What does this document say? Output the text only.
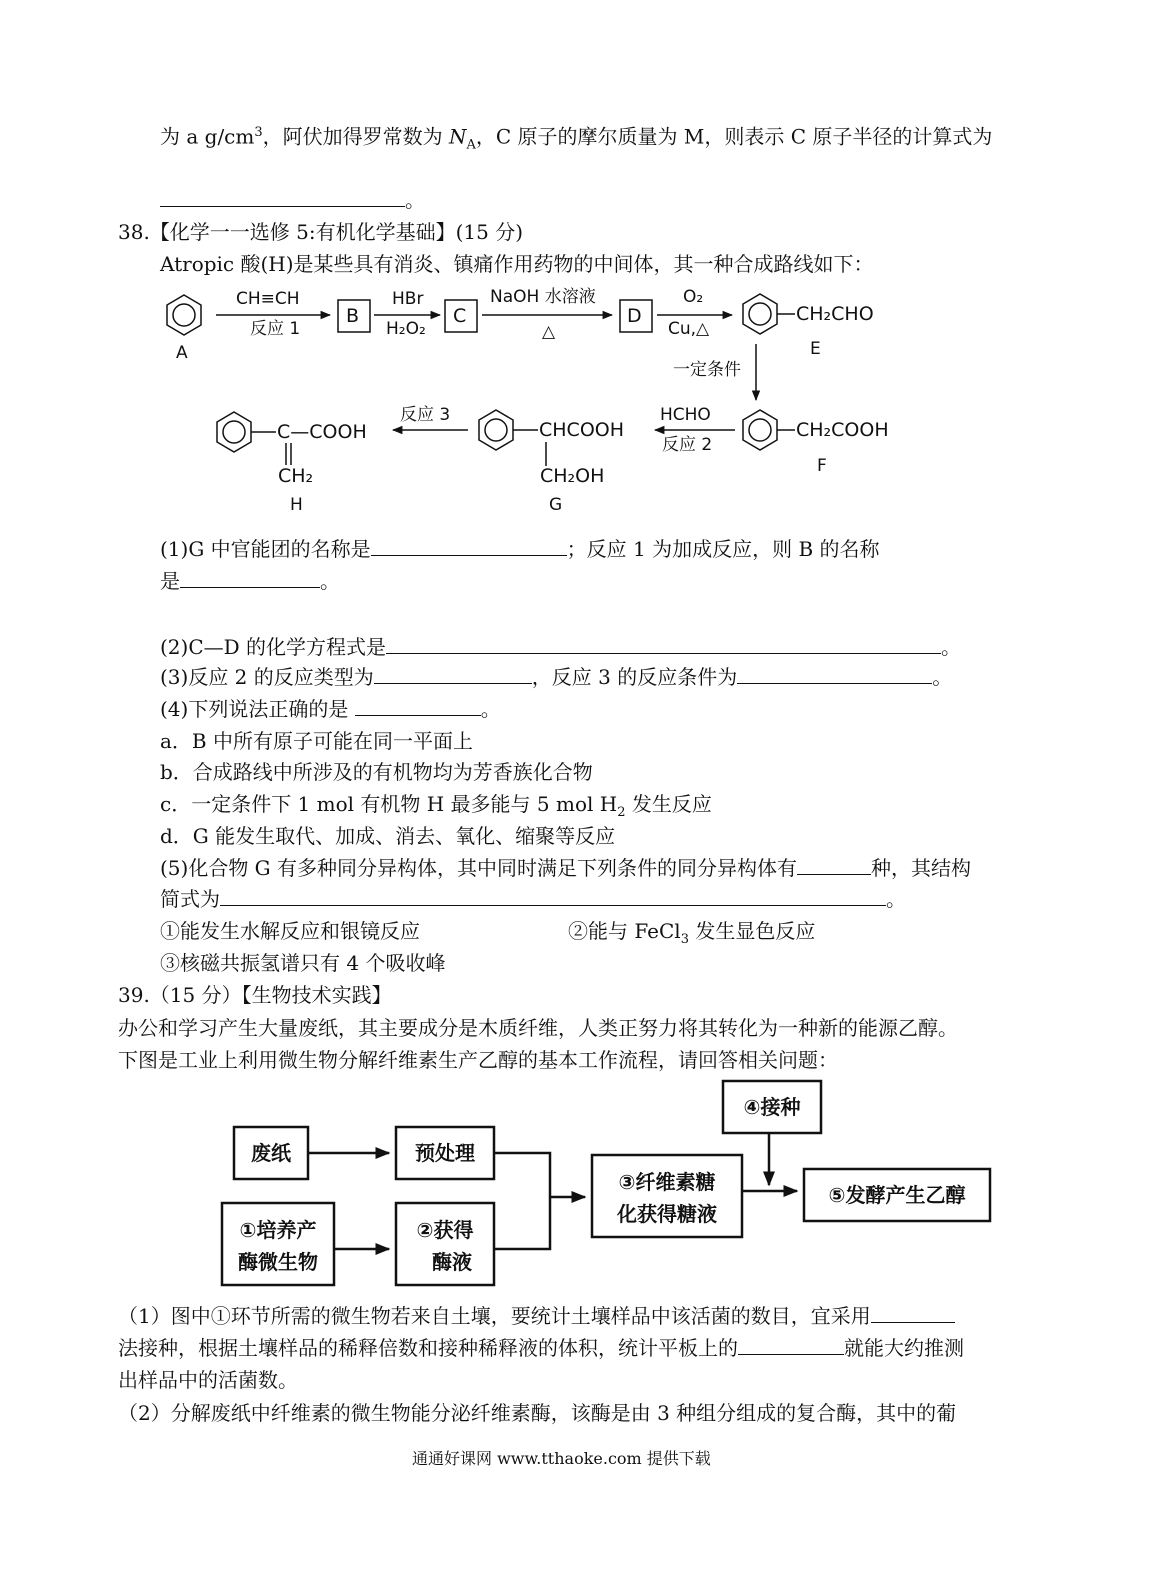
为 a $g/cm^3$，阿伏加得罗常数为 $N_A$，C 原子的摩尔质量为 M，则表示 C 原子半径的计算式为
。
38.【化学一一选修 5:有机化学基础】(15 分)
Atropic 酸(H)是某些具有消炎、镇痛作用药物的中间体，其一种合成路线如下：
CH≡CH
反应 1
A
B
HBr
H₂O₂
C
NaOH 水溶液
△
D
O₂
Cu,△
CH₂CHO
E
一定条件
CH₂COOH
F
HCHO
反应 2
CHCOOH
CH₂OH
G
反应 3
C—COOH
CH₂
H
(1)G 中官能团的名称是	；反应 1 为加成反应，则 B 的名称
是	。
(2)C—D 的化学方程式是	。
(3)反应 2 的反应类型为	，反应 3 的反应条件为	。
(4)下列说法正确的是	。
a．B 中所有原子可能在同一平面上
b．合成路线中所涉及的有机物均为芳香族化合物
c．一定条件下 1 mol 有机物 H 最多能与 5 mol $H_2$ 发生反应
d．G 能发生取代、加成、消去、氧化、缩聚等反应
(5)化合物 G 有多种同分异构体，其中同时满足下列条件的同分异构体有	种，其结构
简式为	。
①能发生水解反应和银镜反应	②能与 FeCl$_3$ 发生显色反应
③核磁共振氢谱只有 4 个吸收峰
39.（15 分）【生物技术实践】
办公和学习产生大量废纸，其主要成分是木质纤维，人类正努力将其转化为一种新的能源乙醇。
下图是工业上利用微生物分解纤维素生产乙醇的基本工作流程，请回答相关问题：
废纸	预处理
①培养产
酶微生物
②获得
酶液
③纤维素糖
化获得糖液
④接种
⑤发酵产生乙醇
（1）图中①环节所需的微生物若来自土壤，要统计土壤样品中该活菌的数目，宜采用
法接种，根据土壤样品的稀释倍数和接种稀释液的体积，统计平板上的	就能大约推测
出样品中的活菌数。
（2）分解废纸中纤维素的微生物能分泌纤维素酶，该酶是由 3 种组分组成的复合酶，其中的葡
通通好课网 www.tthaoke.com 提供下载
